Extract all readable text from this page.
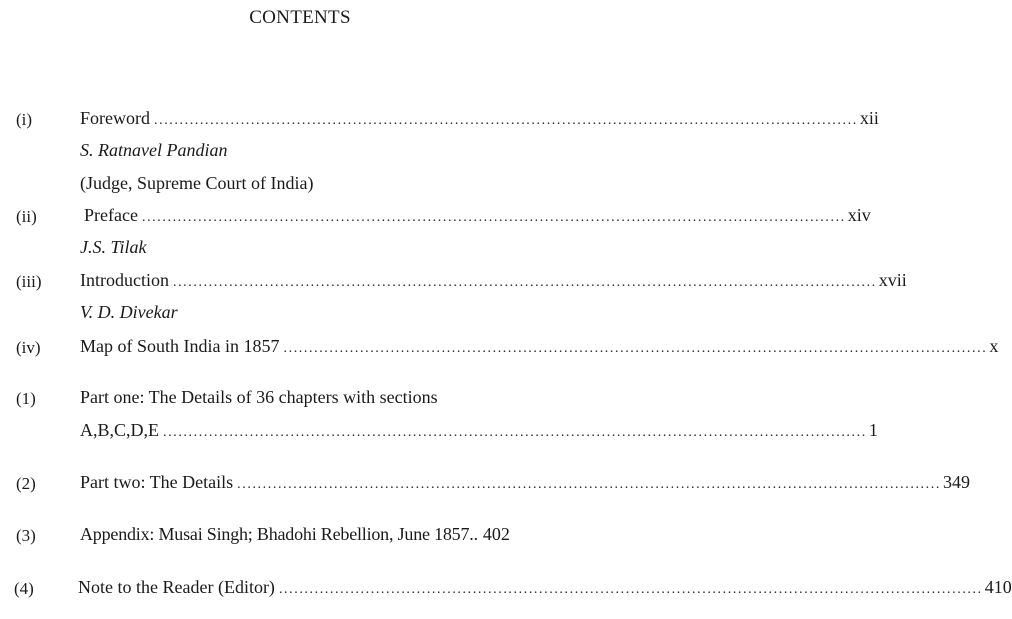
CONTENTS
(i)	Foreword .......................................................................................................................................... xii
S. Ratnavel Pandian
(Judge, Supreme Court of India)
(ii)	Preface .......................................................................................................................................... xiv
J.S. Tilak
(iii) Introduction .......................................................................................................................................... xvii
V. D. Divekar
(iv) Map of South India in 1857 .......................................................................................................................................... x
(1) Part one: The Details of 36 chapters with sections
A,B,C,D,E .......................................................................................................................................... 1
(2) Part two: The Details .......................................................................................................................................... 349
(3) Appendix: Musai Singh; Bhadohi Rebellion, June 1857.. 402
(4) Note to the Reader (Editor) .......................................................................................................................................... 410
